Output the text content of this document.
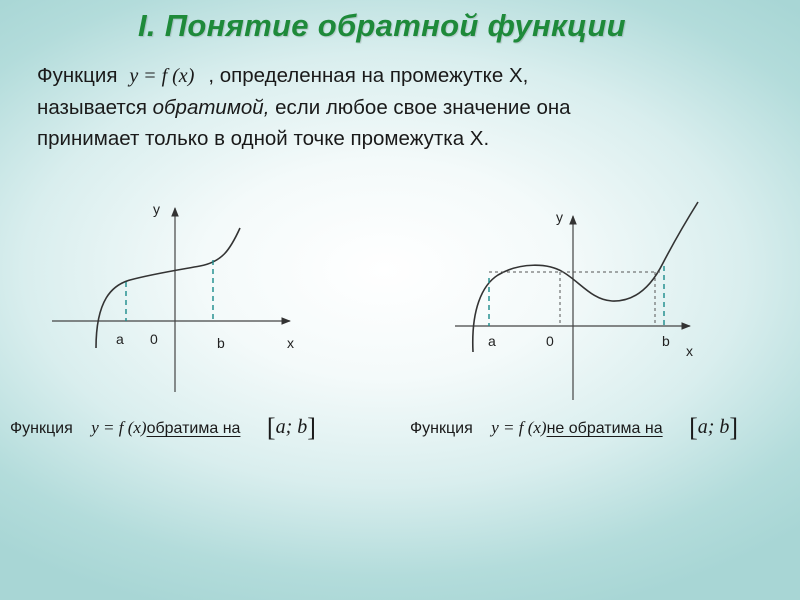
I. Понятие обратной функции
Функция y = f (x) , определенная на промежутке X,
называется обратимой, если любое свое значение она
принимает только в одной точке промежутка X.
y
x
a 0	b
y
x
a	0	b
Функция y = f (x)обратима на [a; b]	Функция y = f (x)не обратима на [a; b]
